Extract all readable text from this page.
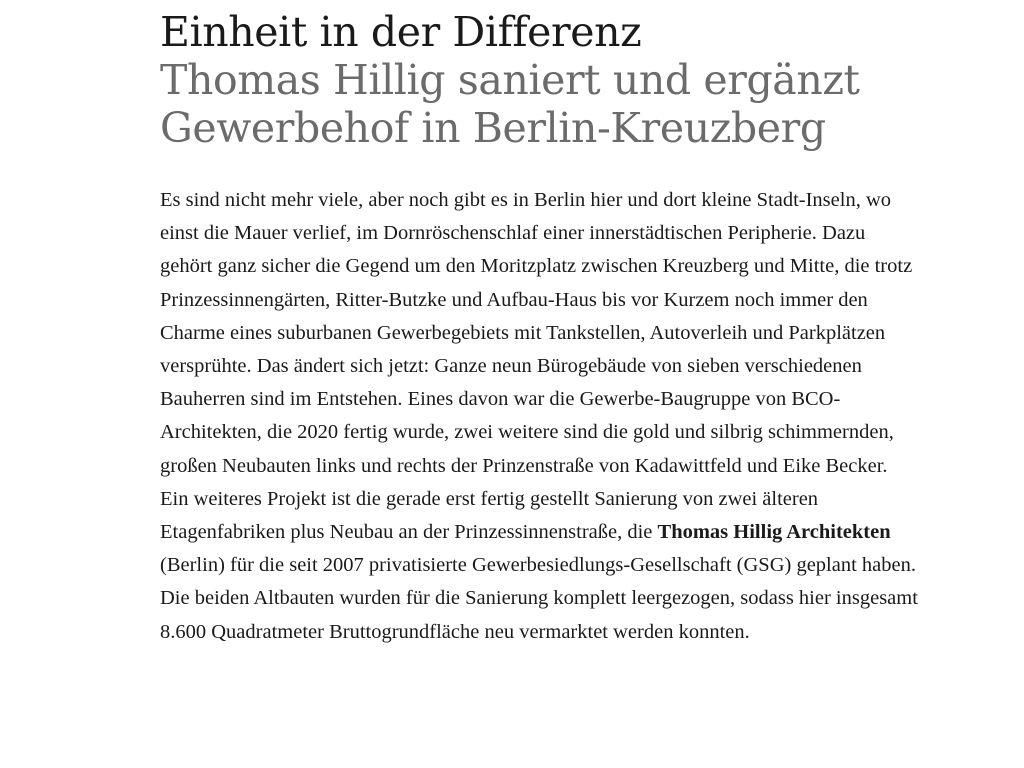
Einheit in der Differenz
Thomas Hillig saniert und ergänzt
Gewerbehof in Berlin-Kreuzberg

Es sind nicht mehr viele, aber noch gibt es in Berlin hier und dort kleine Stadt-Inseln, wo einst die Mauer verlief, im Dornröschenschlaf einer innerstädtischen Peripherie. Dazu gehört ganz sicher die Gegend um den Moritzplatz zwischen Kreuzberg und Mitte, die trotz Prinzessinnengärten, Ritter-Butzke und Aufbau-Haus bis vor Kurzem noch immer den Charme eines suburbanen Gewerbegebiets mit Tankstellen, Autoverleih und Parkplätzen versprühte. Das ändert sich jetzt: Ganze neun Bürogebäude von sieben verschiedenen Bauherren sind im Entstehen. Eines davon war die Gewerbe-Baugruppe von BCO-Architekten, die 2020 fertig wurde, zwei weitere sind die gold und silbrig schimmernden, großen Neubauten links und rechts der Prinzenstraße von Kadawittfeld und Eike Becker. Ein weiteres Projekt ist die gerade erst fertig gestellt Sanierung von zwei älteren Etagenfabriken plus Neubau an der Prinzessinnenstraße, die Thomas Hillig Architekten (Berlin) für die seit 2007 privatisierte Gewerbesiedlungs-Gesellschaft (GSG) geplant haben. Die beiden Altbauten wurden für die Sanierung komplett leergezogen, sodass hier insgesamt 8.600 Quadratmeter Bruttogrundfläche neu vermarktet werden konnten.
